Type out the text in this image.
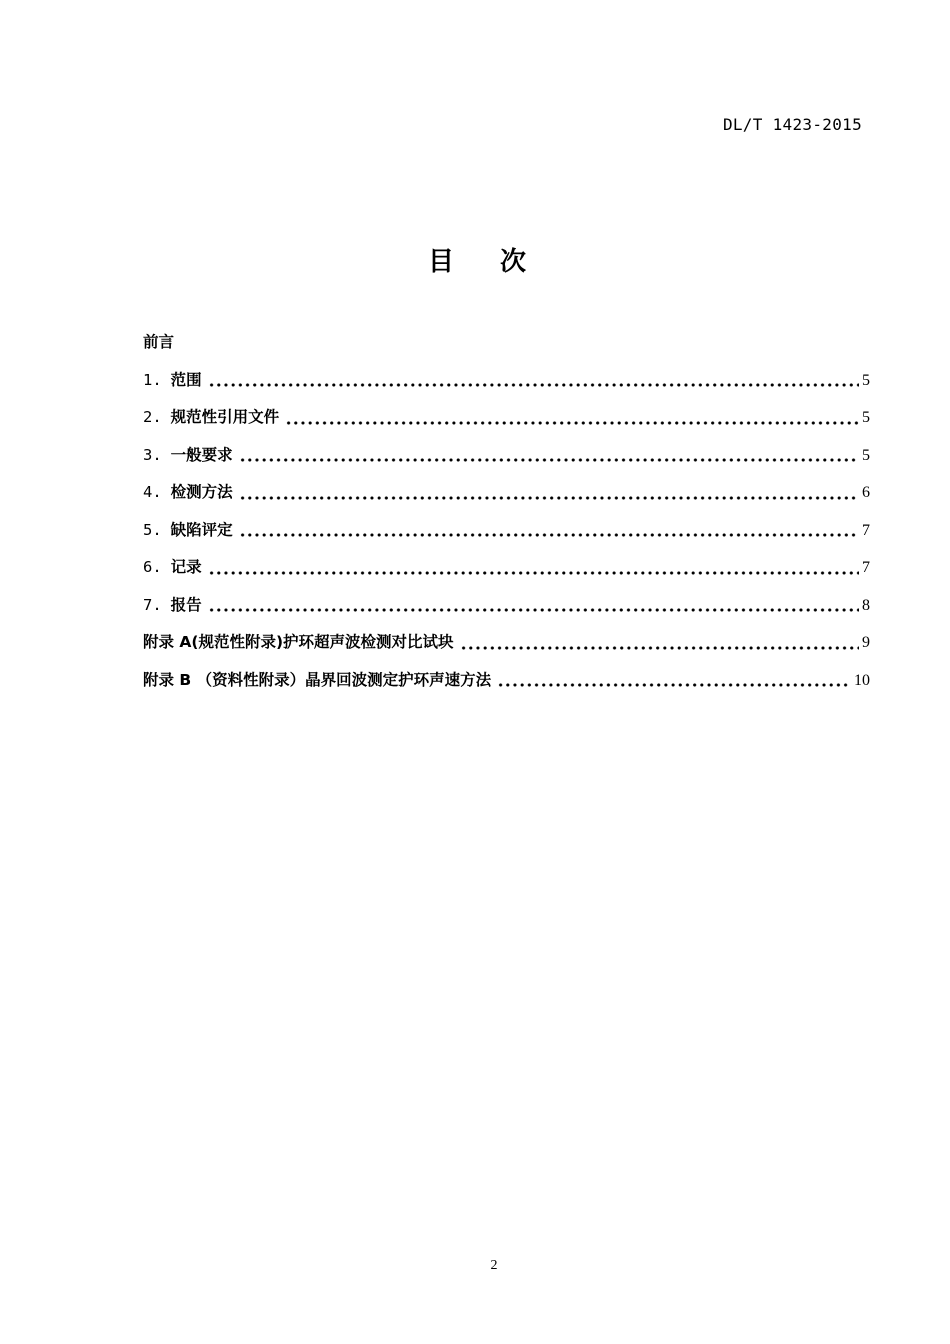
DL/T 1423-2015

目次
前言
1. 范围	5
2. 规范性引用文件	5
3. 一般要求	5
4. 检测方法	6
5. 缺陷评定	7
6. 记录	7
7. 报告	8
附录 A(规范性附录)护环超声波检测对比试块	9
附录 B （资料性附录）晶界回波测定护环声速方法	10

2
